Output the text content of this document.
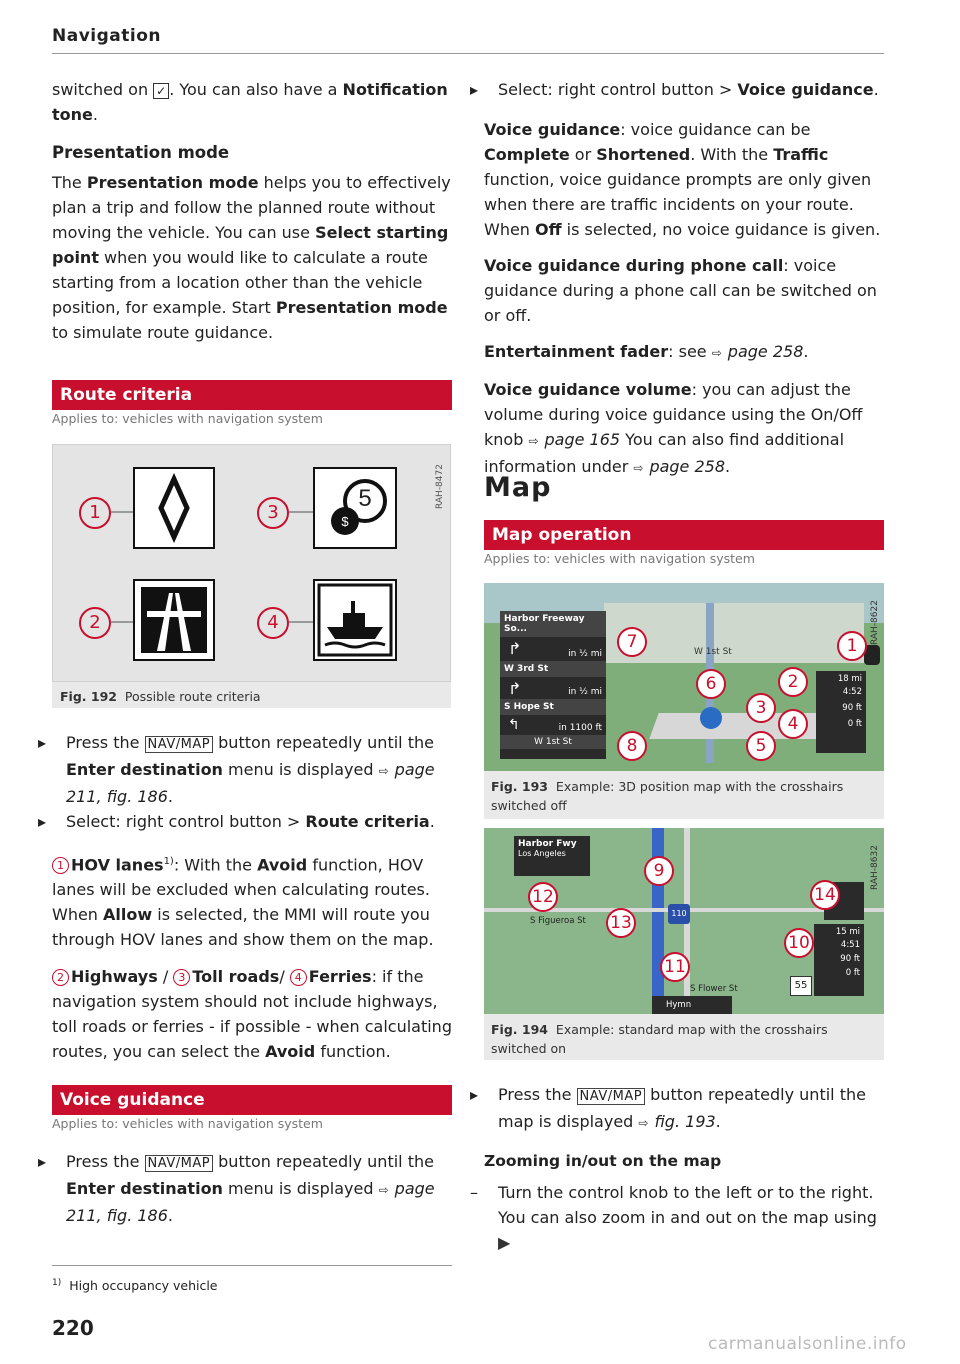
Navigation

switched on ✓ . You can also have a Notification tone.

Presentation mode

The Presentation mode helps you to effectively plan a trip and follow the planned route without moving the vehicle. You can use Select starting point when you would like to calculate a route starting from a location other than the vehicle position, for example. Start Presentation mode to simulate route guidance.

Route criteria
Applies to: vehicles with navigation system
RAH-8472
1	3	$
5
2	4
Fig. 192 Possible route criteria

▸ Press the NAV/MAP button repeatedly until the Enter destination menu is displayed ⇨ page 211, fig. 186.

▸ Select: right control button > Route criteria.

1 HOV lanes$^{1)}$: With the Avoid function, HOV lanes will be excluded when calculating routes. When Allow is selected, the MMI will route you through HOV lanes and show them on the map.

2 Highways / 3 Toll roads/ 4 Ferries: if the navigation system should not include highways, toll roads or ferries - if possible - when calculating routes, you can select the Avoid function.

Voice guidance
Applies to: vehicles with navigation system

▸ Press the NAV/MAP button repeatedly until the Enter destination menu is displayed ⇨ page 211, fig. 186.

$^{1)}$ High occupancy vehicle
220

▸ Select: right control button > Voice guidance.

Voice guidance: voice guidance can be Complete or Shortened. With the Traffic function, voice guidance prompts are only given when there are traffic incidents on your route. When Off is selected, no voice guidance is given.

Voice guidance during phone call: voice guidance during a phone call can be switched on or off.

Entertainment fader: see ⇨ page 258.

Voice guidance volume: you can adjust the volume during voice guidance using the On/Off knob ⇨ page 165 You can also find additional information under ⇨ page 258.

Map
Map operation
Applies to: vehicles with navigation system
W 1st St
Harbor Freeway So...
in ½ mi
↱
W 3rd St
in ½ mi
↱
S Hope St
in 1100 ft
↰
W 1st St
18 mi
4:52
90 ft
0 ft
7	1
2
3
4
5
6
8
RAH-8622
Fig. 193 Example: 3D position map with the crosshairs switched off
Harbor Fwy
Los Angeles
S Figueroa St
S Flower St
Hymn
110
55
15 mi
4:51
90 ft
0 ft
9
10
11
12
13
14
RAH-8632
Fig. 194 Example: standard map with the crosshairs switched on

▸ Press the NAV/MAP button repeatedly until the map is displayed ⇨ fig. 193.

Zooming in/out on the map

– Turn the control knob to the left or to the right. You can also zoom in and out on the map using ▶

carmanualsonline.info
